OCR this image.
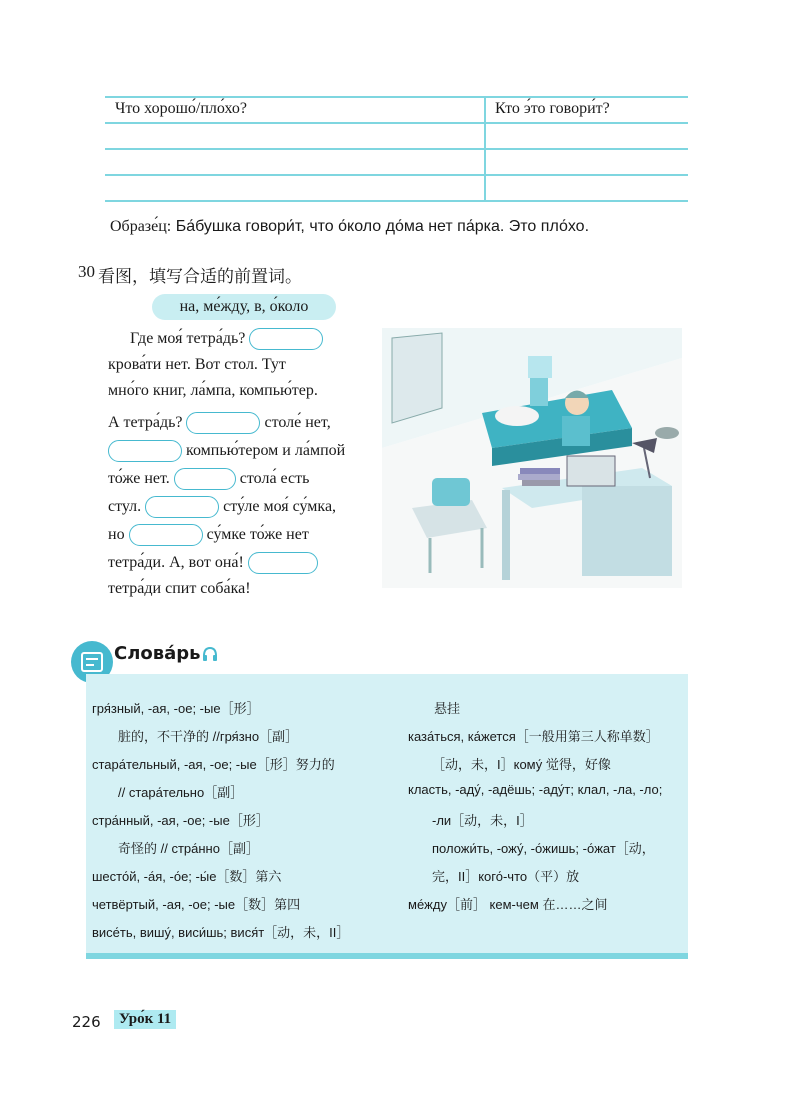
Что хорошо́/пло́хо?	Кто э́то говори́т?
Образе́ц: Ба́бушка говори́т, что о́коло до́ма нет па́рка. Это пло́хо.
30 看图，填写合适的前置词。
на, ме́жду, в, о́коло
Где моя́ тетра́дь?
крова́ти нет. Вот стол. Тут
мно́го книг, ла́мпа, компью́тер.
А тетра́дь?	столе́ нет,
компью́тером и ла́мпой
то́же нет.	стола́ есть
стул.	сту́ле моя́ су́мка,
но	су́мке то́же нет
тетра́ди. А, вот она́!
тетра́ди спит соба́ка!
Слова́рь
гря́зный, -ая, -ое; -ые［形］
脏的，不干净的 //гря́зно［副］
стара́тельный, -ая, -ое; -ые［形］努力的
// стара́тельно［副］
стра́нный, -ая, -ое; -ые［形］
奇怪的 // стра́нно［副］
шесто́й, -а́я, -о́е; -ы́е［数］第六
четвёртый, -ая, -ое; -ые［数］第四
висе́ть, вишу́, виси́шь; вися́т［动，未，II］
悬挂
каза́ться, ка́жется［一般用第三人称单数］
［动，未，I］кому́ 觉得，好像
класть, -аду́, -адёшь; -аду́т; клал, -ла, -ло;
-ли［动，未，I］
положи́ть, -ожу́, -о́жишь; -о́жат［动，
完，II］кого́-что（平）放
ме́жду［前］ кем-чем 在……之间
226	Уро́к 11
